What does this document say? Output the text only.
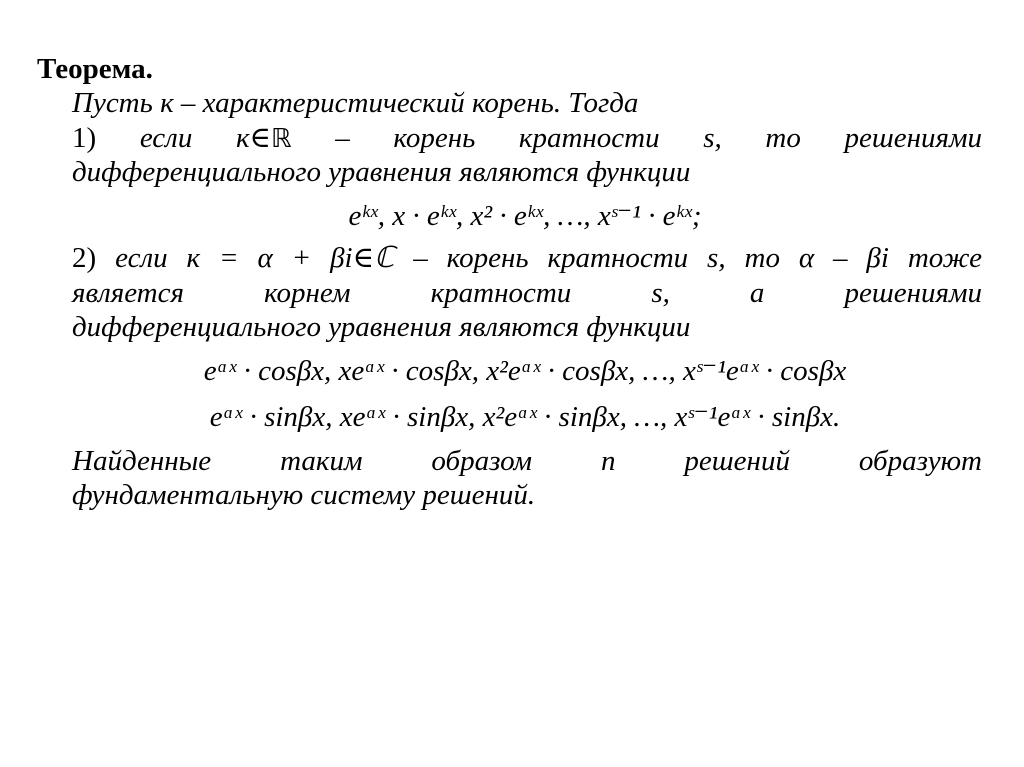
Теорема.
Пусть к – характеристический корень. Тогда
1) если к∈ℝ – корень кратности s, то решениями
дифференциального уравнения являются функции
eᵏˣ, x · eᵏˣ, x² · eᵏˣ, …, xˢ⁻¹ · eᵏˣ;
2) если к = α + βi∈ℂ – корень кратности s, то α – βi тоже
является корнем кратности s, а решениями
дифференциального уравнения являются функции
eᵅˣ · cosβx, xeᵅˣ · cosβx, x²eᵅˣ · cosβx, …, xˢ⁻¹eᵅˣ · cosβx
eᵅˣ · sinβx, xeᵅˣ · sinβx, x²eᵅˣ · sinβx, …, xˢ⁻¹eᵅˣ · sinβx.
Найденные таким образом n решений образуют
фундаментальную систему решений.
